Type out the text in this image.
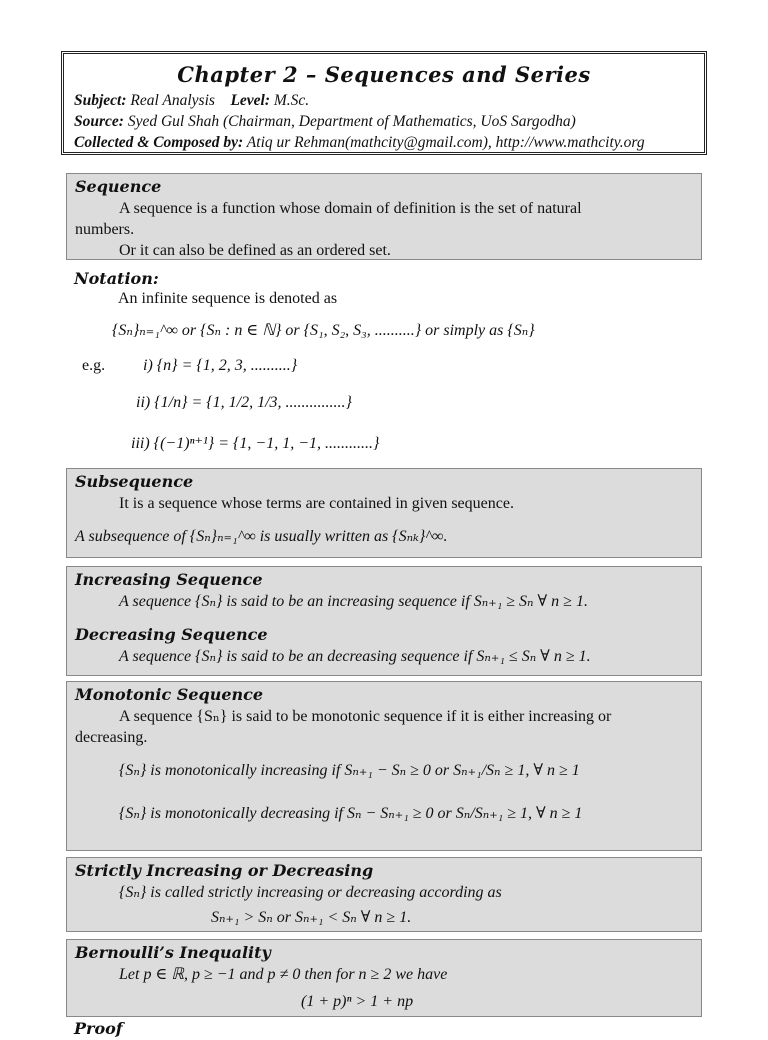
Chapter 2 – Sequences and Series
Subject: Real Analysis Level: M.Sc.
Source: Syed Gul Shah (Chairman, Department of Mathematics, UoS Sargodha)
Collected & Composed by: Atiq ur Rehman(mathcity@gmail.com), http://www.mathcity.org
Sequence
A sequence is a function whose domain of definition is the set of natural
numbers.
Or it can also be defined as an ordered set.
Notation:
An infinite sequence is denoted as
{Sₙ}ₙ₌₁^∞ or {Sₙ : n ∈ ℕ} or {S₁, S₂, S₃, ..........} or simply as {Sₙ}
e.g. i) {n} = {1, 2, 3, ..........}
ii) {1/n} = {1, 1/2, 1/3, ...............}
iii) {(−1)ⁿ⁺¹} = {1, −1, 1, −1, ............}
Subsequence
It is a sequence whose terms are contained in given sequence.
A subsequence of {Sₙ}ₙ₌₁^∞ is usually written as {Sₙₖ}^∞.
Increasing Sequence
A sequence {Sₙ} is said to be an increasing sequence if Sₙ₊₁ ≥ Sₙ ∀ n ≥ 1.
Decreasing Sequence
A sequence {Sₙ} is said to be an decreasing sequence if Sₙ₊₁ ≤ Sₙ ∀ n ≥ 1.
Monotonic Sequence
A sequence {Sₙ} is said to be monotonic sequence if it is either increasing or
decreasing.
{Sₙ} is monotonically increasing if Sₙ₊₁ − Sₙ ≥ 0 or Sₙ₊₁/Sₙ ≥ 1, ∀ n ≥ 1
{Sₙ} is monotonically decreasing if Sₙ − Sₙ₊₁ ≥ 0 or Sₙ/Sₙ₊₁ ≥ 1, ∀ n ≥ 1
Strictly Increasing or Decreasing
{Sₙ} is called strictly increasing or decreasing according as
Sₙ₊₁ > Sₙ or Sₙ₊₁ < Sₙ ∀ n ≥ 1.
Bernoulli’s Inequality
Let p ∈ ℝ, p ≥ −1 and p ≠ 0 then for n ≥ 2 we have
(1 + p)ⁿ > 1 + np
Proof
